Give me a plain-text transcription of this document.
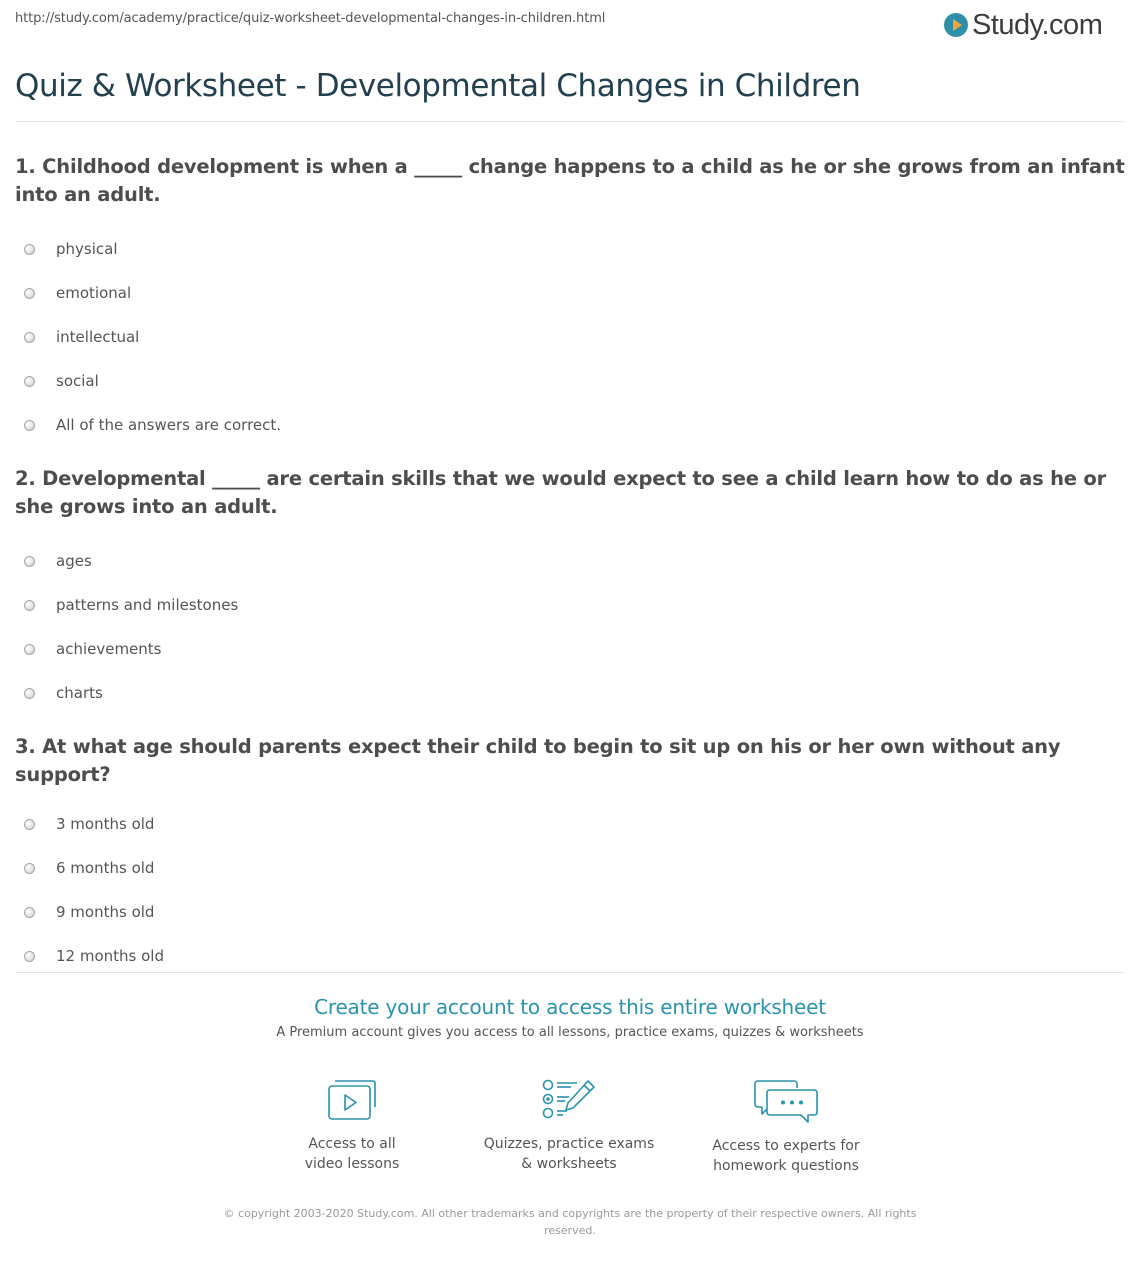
http://study.com/academy/practice/quiz-worksheet-developmental-changes-in-children.html	Study.com
Quiz & Worksheet - Developmental Changes in Children

1. Childhood development is when a _____ change happens to a child as he or she grows from an infant into an adult.

physical
emotional
intellectual
social
All of the answers are correct.

2. Developmental _____ are certain skills that we would expect to see a child learn how to do as he or she grows into an adult.

ages
patterns and milestones
achievements
charts

3. At what age should parents expect their child to begin to sit up on his or her own without any support?

3 months old
6 months old
9 months old
12 months old
Create your account to access this entire worksheet
A Premium account gives you access to all lessons, practice exams, quizzes & worksheets
Access to all
video lessons
Quizzes, practice exams
& worksheets
Access to experts for
homework questions
© copyright 2003-2020 Study.com. All other trademarks and copyrights are the property of their respective owners. All rights reserved.
